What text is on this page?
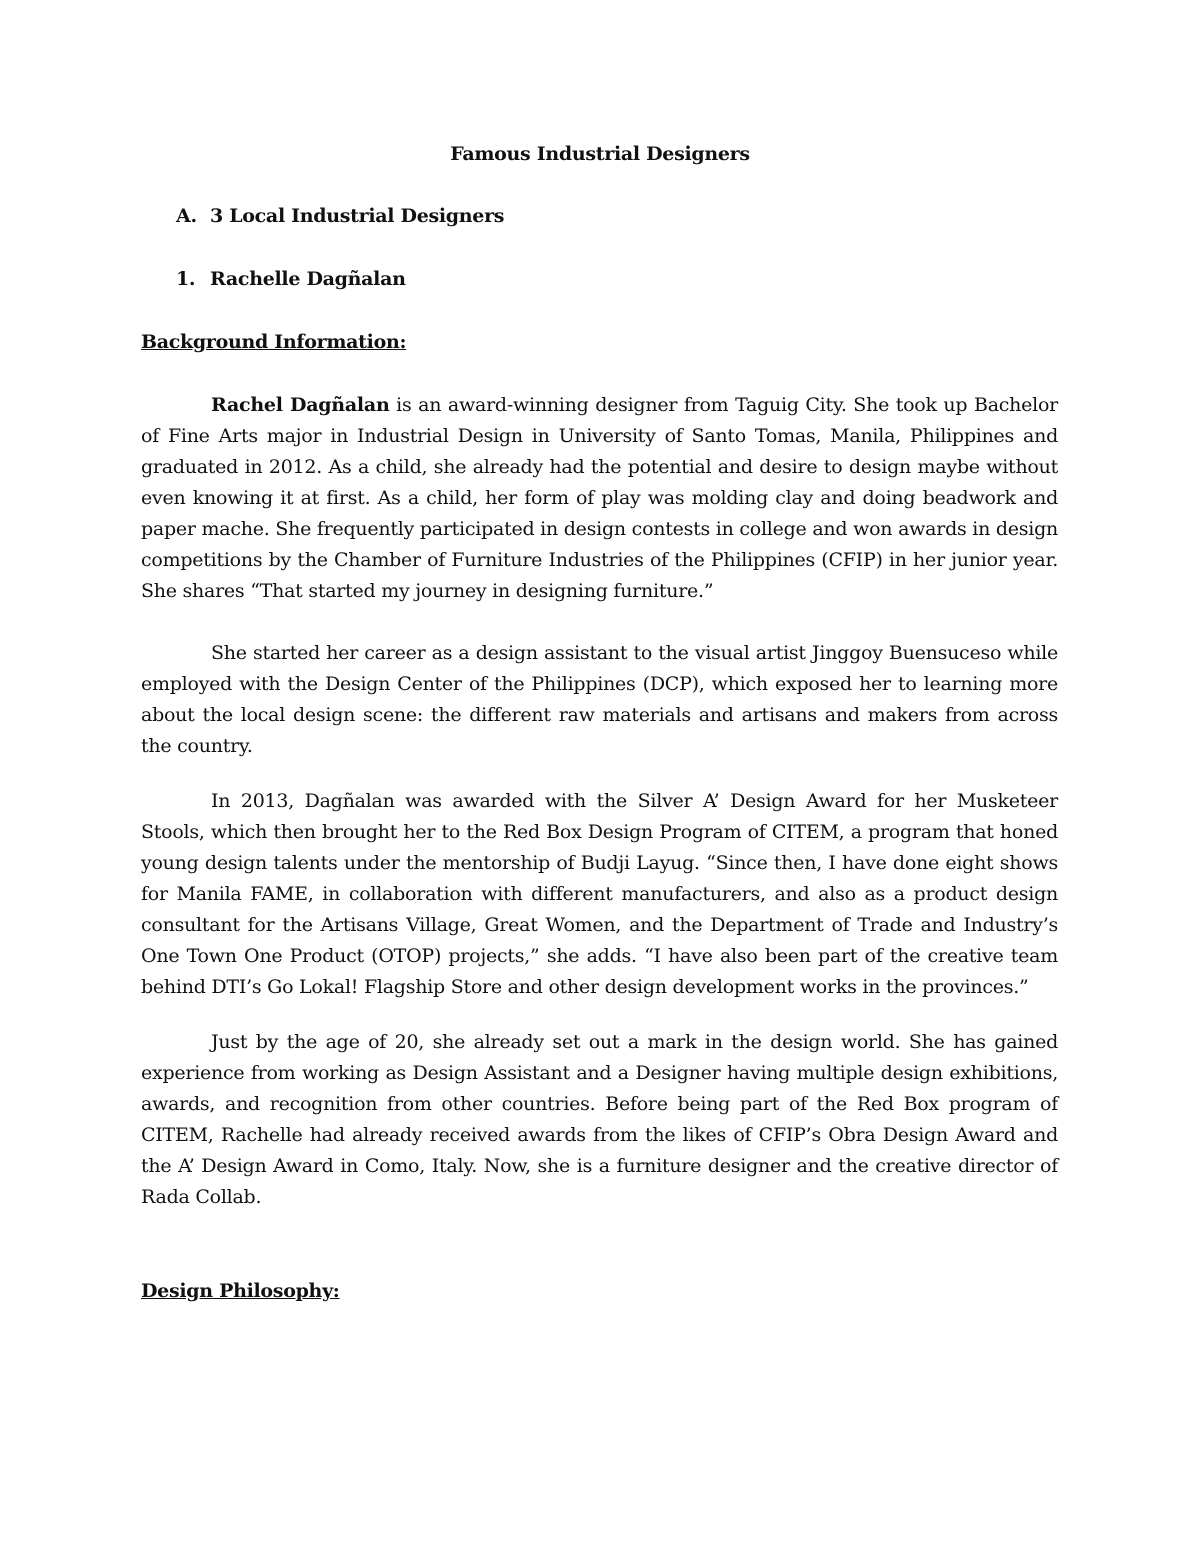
Famous Industrial Designers
A. 3 Local Industrial Designers
1. Rachelle Dagñalan
Background Information:

Rachel Dagñalan is an award-winning designer from Taguig City. She took up Bachelor of Fine Arts major in Industrial Design in University of Santo Tomas, Manila, Philippines and graduated in 2012. As a child, she already had the potential and desire to design maybe without even knowing it at first. As a child, her form of play was molding clay and doing beadwork and paper mache. She frequently participated in design contests in college and won awards in design competitions by the Chamber of Furniture Industries of the Philippines (CFIP) in her junior year. She shares “That started my journey in designing furniture.”

She started her career as a design assistant to the visual artist Jinggoy Buensuceso while employed with the Design Center of the Philippines (DCP), which exposed her to learning more about the local design scene: the different raw materials and artisans and makers from across the country.

In 2013, Dagñalan was awarded with the Silver A’ Design Award for her Musketeer Stools, which then brought her to the Red Box Design Program of CITEM, a program that honed young design talents under the mentorship of Budji Layug. “Since then, I have done eight shows for Manila FAME, in collaboration with different manufacturers, and also as a product design consultant for the Artisans Village, Great Women, and the Department of Trade and Industry’s One Town One Product (OTOP) projects,” she adds. “I have also been part of the creative team behind DTI’s Go Lokal! Flagship Store and other design development works in the provinces.”

Just by the age of 20, she already set out a mark in the design world. She has gained experience from working as Design Assistant and a Designer having multiple design exhibitions, awards, and recognition from other countries. Before being part of the Red Box program of CITEM, Rachelle had already received awards from the likes of CFIP’s Obra Design Award and the A’ Design Award in Como, Italy. Now, she is a furniture designer and the creative director of Rada Collab.

Design Philosophy:
